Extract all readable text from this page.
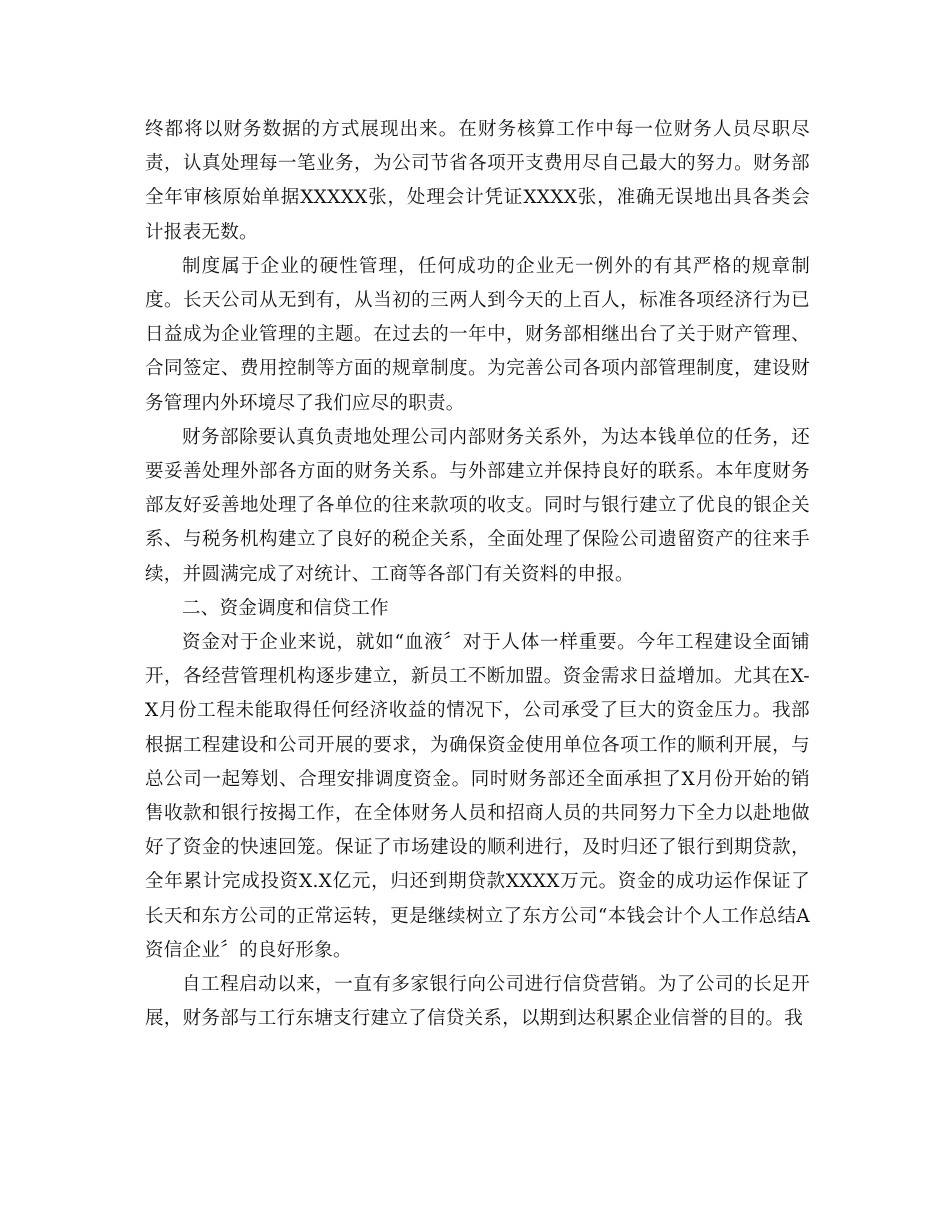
终都将以财务数据的方式展现出来。在财务核算工作中每一位财务人员尽职尽责，认真处理每一笔业务，为公司节省各项开支费用尽自己最大的努力。财务部全年审核原始单据XXXXX张，处理会计凭证XXXX张，准确无误地出具各类会计报表无数。

制度属于企业的硬性管理，任何成功的企业无一例外的有其严格的规章制度。长天公司从无到有，从当初的三两人到今天的上百人，标准各项经济行为已日益成为企业管理的主题。在过去的一年中，财务部相继出台了关于财产管理、合同签定、费用控制等方面的规章制度。为完善公司各项内部管理制度，建设财务管理内外环境尽了我们应尽的职责。

财务部除要认真负责地处理公司内部财务关系外，为达本钱单位的任务，还要妥善处理外部各方面的财务关系。与外部建立并保持良好的联系。本年度财务部友好妥善地处理了各单位的往来款项的收支。同时与银行建立了优良的银企关系、与税务机构建立了良好的税企关系，全面处理了保险公司遗留资产的往来手续，并圆满完成了对统计、工商等各部门有关资料的申报。

二、资金调度和信贷工作

资金对于企业来说，就如“血液〞对于人体一样重要。今年工程建设全面铺开，各经营管理机构逐步建立，新员工不断加盟。资金需求日益增加。尤其在X-X月份工程未能取得任何经济收益的情况下，公司承受了巨大的资金压力。我部根据工程建设和公司开展的要求，为确保资金使用单位各项工作的顺利开展，与总公司一起筹划、合理安排调度资金。同时财务部还全面承担了X月份开始的销售收款和银行按揭工作，在全体财务人员和招商人员的共同努力下全力以赴地做好了资金的快速回笼。保证了市场建设的顺利进行，及时归还了银行到期贷款，全年累计完成投资X.X亿元，归还到期贷款XXXX万元。资金的成功运作保证了长天和东方公司的正常运转，更是继续树立了东方公司“本钱会计个人工作总结A资信企业〞的良好形象。

自工程启动以来，一直有多家银行向公司进行信贷营销。为了公司的长足开展，财务部与工行东塘支行建立了信贷关系，以期到达积累企业信誉的目的。我
